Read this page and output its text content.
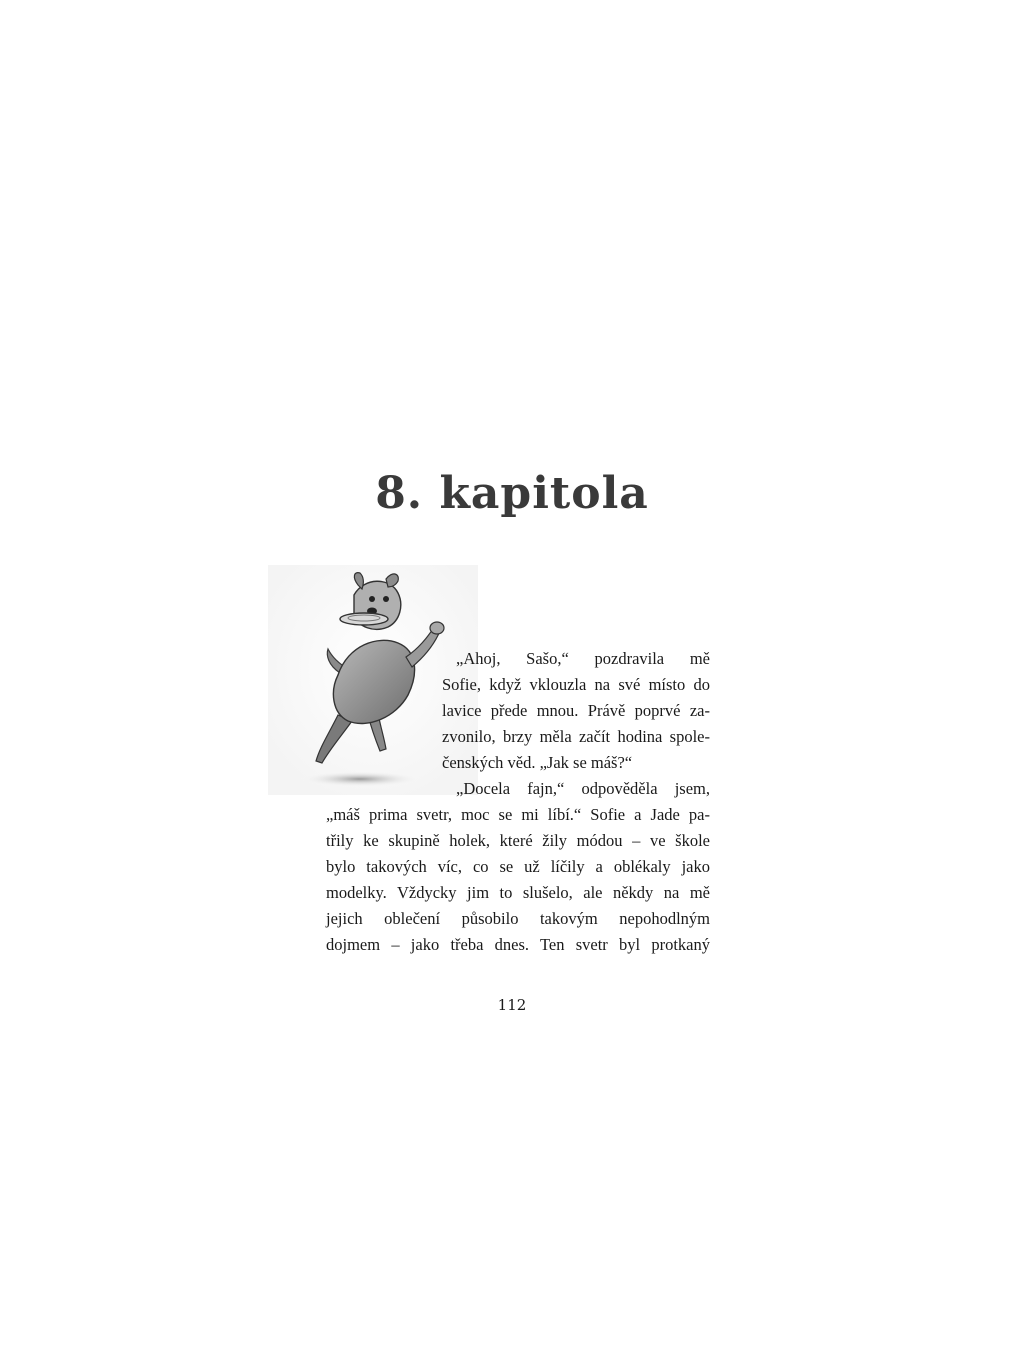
8. kapitola
„Ahoj, Sašo,“ pozdravila mě
Sofie, když vklouzla na své místo do
lavice přede mnou. Právě poprvé za-
zvonilo, brzy měla začít hodina spole-
čenských věd. „Jak se máš?“
„Docela fajn,“ odpověděla jsem,
„máš prima svetr, moc se mi líbí.“ Sofie a Jade pa-
třily ke skupině holek, které žily módou – ve škole
bylo takových víc, co se už líčily a oblékaly jako
modelky. Vždycky jim to slušelo, ale někdy na mě
jejich oblečení působilo takovým nepohodlným
dojmem – jako třeba dnes. Ten svetr byl protkaný
112
